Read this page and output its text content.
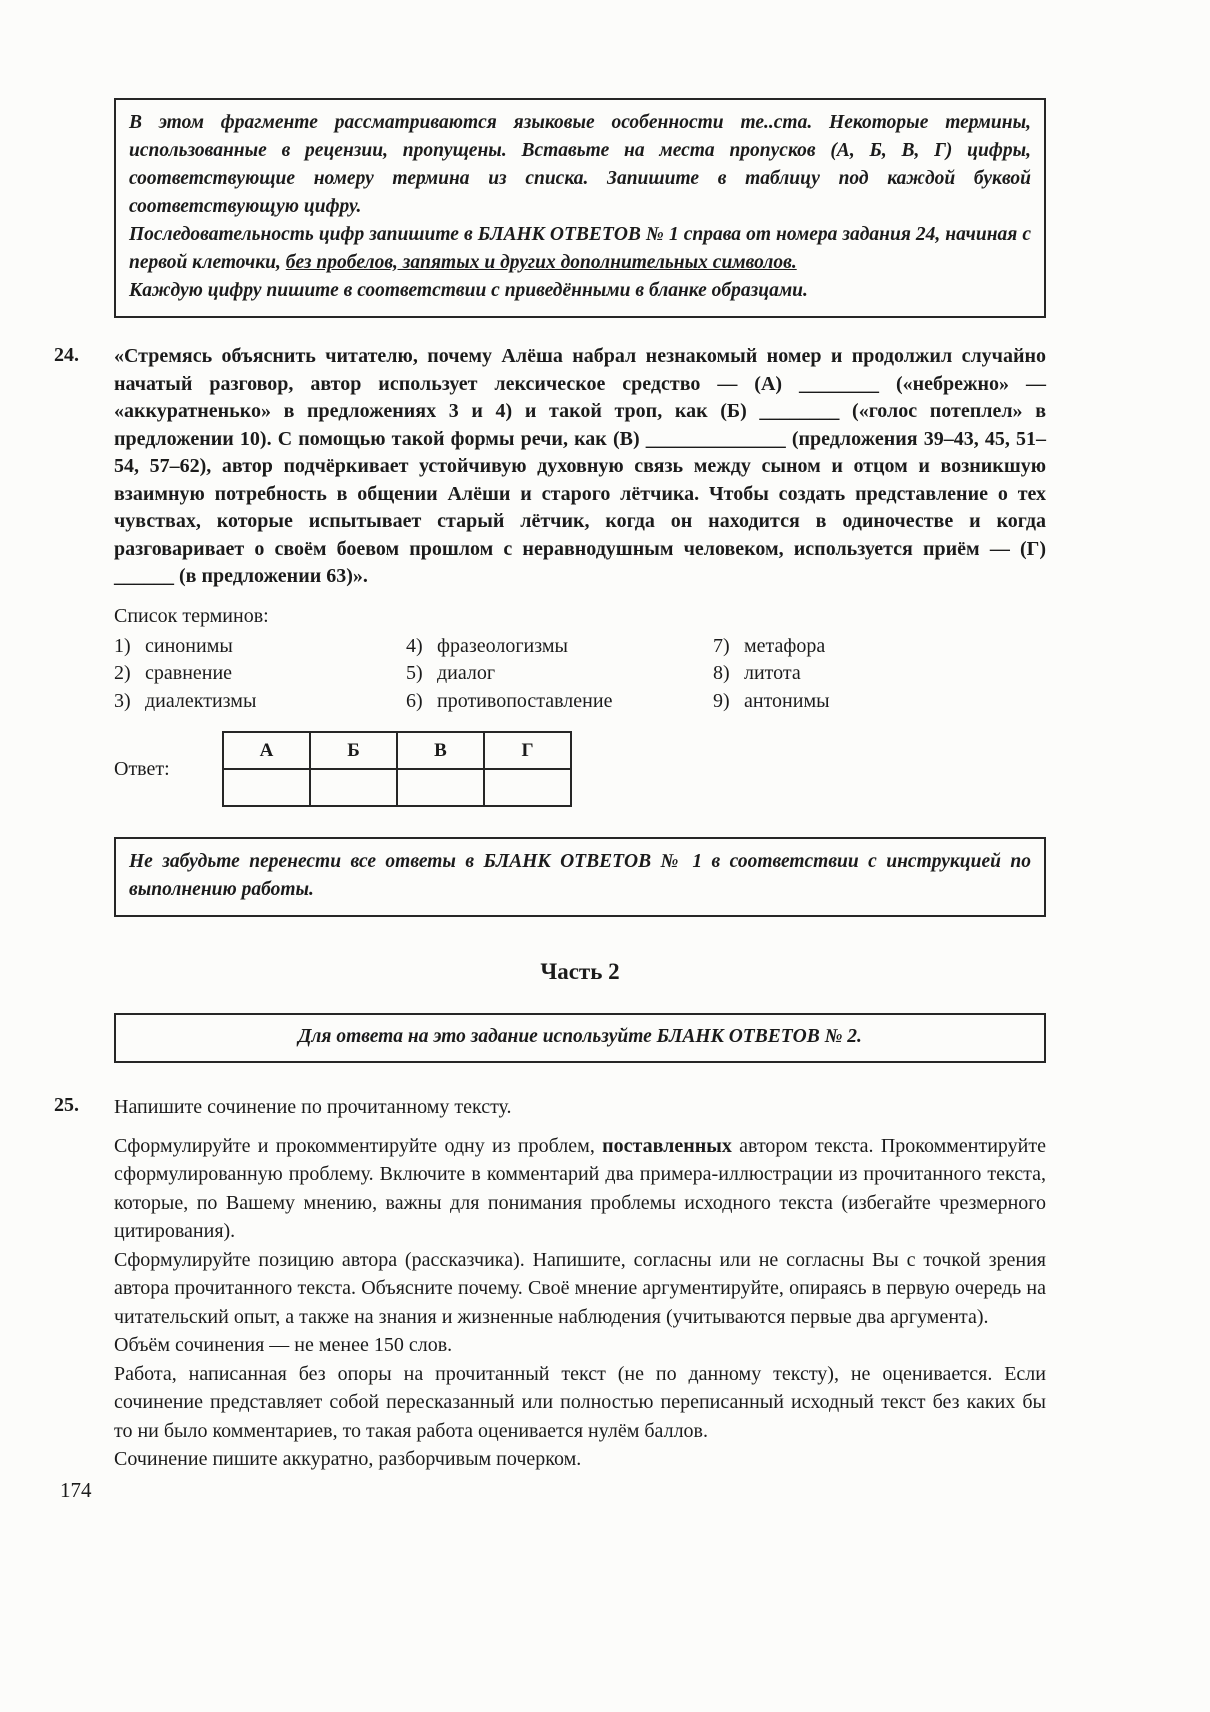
В этом фрагменте рассматриваются языковые особенности те..ста. Некоторые термины, использованные в рецензии, пропущены. Вставьте на места пропусков (А, Б, В, Г) цифры, соответствующие номеру термина из списка. Запишите в таблицу под каждой буквой соответствующую цифру.

Последовательность цифр запишите в БЛАНК ОТВЕТОВ № 1 справа от номера задания 24, начиная с первой клеточки, без пробелов, запятых и других дополнительных символов.

Каждую цифру пишите в соответствии с приведёнными в бланке образцами.

24. «Стремясь объяснить читателю, почему Алёша набрал незнакомый номер и продолжил случайно начатый разговор, автор использует лексическое средство — (А) ________ («небрежно» — «аккуратненько» в предложениях 3 и 4) и такой троп, как (Б) ________ («голос потеплел» в предложении 10). С помощью такой формы речи, как (В) ______________ (предложения 39–43, 45, 51–54, 57–62), автор подчёркивает устойчивую духовную связь между сыном и отцом и возникшую взаимную потребность в общении Алёши и старого лётчика. Чтобы создать представление о тех чувствах, которые испытывает старый лётчик, когда он находится в одиночестве и когда разговаривает о своём боевом прошлом с неравнодушным человеком, используется приём — (Г) ______ (в предложении 63)».

Список терминов:

1) синонимы
2) сравнение
3) диалектизмы
4) фразеологизмы
5) диалог
6) противопоставление
7) метафора
8) литота
9) антонимы
Ответ:
А	Б	В	Г

Не забудьте перенести все ответы в БЛАНК ОТВЕТОВ № 1 в соответствии с инструкцией по выполнению работы.

Часть 2

Для ответа на это задание используйте БЛАНК ОТВЕТОВ № 2.

25. Напишите сочинение по прочитанному тексту.

Сформулируйте и прокомментируйте одну из проблем, поставленных автором текста. Прокомментируйте сформулированную проблему. Включите в комментарий два примера-иллюстрации из прочитанного текста, которые, по Вашему мнению, важны для понимания проблемы исходного текста (избегайте чрезмерного цитирования).

Сформулируйте позицию автора (рассказчика). Напишите, согласны или не согласны Вы с точкой зрения автора прочитанного текста. Объясните почему. Своё мнение аргументируйте, опираясь в первую очередь на читательский опыт, а также на знания и жизненные наблюдения (учитываются первые два аргумента).

Объём сочинения — не менее 150 слов.

Работа, написанная без опоры на прочитанный текст (не по данному тексту), не оценивается. Если сочинение представляет собой пересказанный или полностью переписанный исходный текст без каких бы то ни было комментариев, то такая работа оценивается нулём баллов.

Сочинение пишите аккуратно, разборчивым почерком.

174
